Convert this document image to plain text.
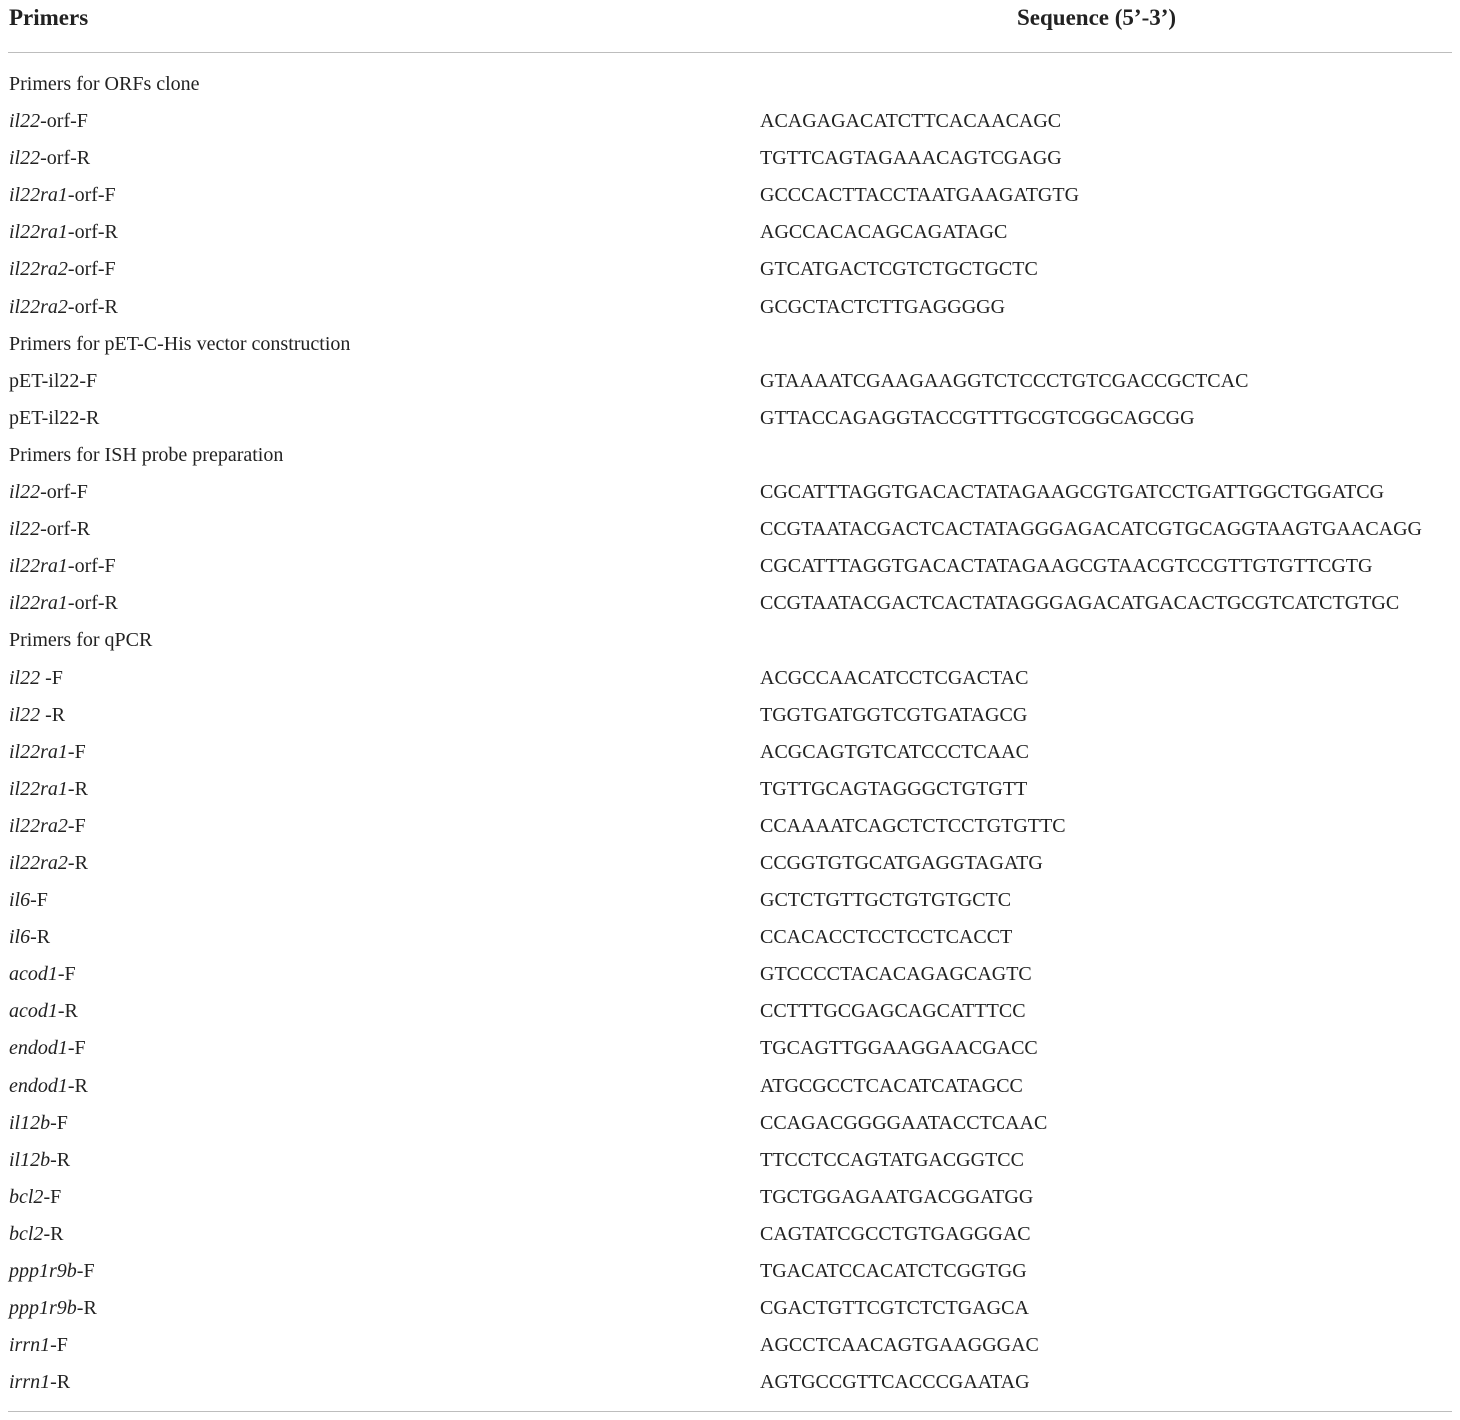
Primers	Sequence (5’-3’)
Primers for ORFs clone
il22-orf-F	ACAGAGACATCTTCACAACAGC
il22-orf-R	TGTTCAGTAGAAACAGTCGAGG
il22ra1-orf-F	GCCCACTTACCTAATGAAGATGTG
il22ra1-orf-R	AGCCACACAGCAGATAGC
il22ra2-orf-F	GTCATGACTCGTCTGCTGCTC
il22ra2-orf-R	GCGCTACTCTTGAGGGGG
Primers for pET-C-His vector construction
pET-il22-F	GTAAAATCGAAGAAGGTCTCCCTGTCGACCGCTCAC
pET-il22-R	GTTACCAGAGGTACCGTTTGCGTCGGCAGCGG
Primers for ISH probe preparation
il22-orf-F	CGCATTTAGGTGACACTATAGAAGCGTGATCCTGATTGGCTGGATCG
il22-orf-R	CCGTAATACGACTCACTATAGGGAGACATCGTGCAGGTAAGTGAACAGG
il22ra1-orf-F	CGCATTTAGGTGACACTATAGAAGCGTAACGTCCGTTGTGTTCGTG
il22ra1-orf-R	CCGTAATACGACTCACTATAGGGAGACATGACACTGCGTCATCTGTGC
Primers for qPCR
il22 -F	ACGCCAACATCCTCGACTAC
il22 -R	TGGTGATGGTCGTGATAGCG
il22ra1-F	ACGCAGTGTCATCCCTCAAC
il22ra1-R	TGTTGCAGTAGGGCTGTGTT
il22ra2-F	CCAAAATCAGCTCTCCTGTGTTC
il22ra2-R	CCGGTGTGCATGAGGTAGATG
il6-F	GCTCTGTTGCTGTGTGCTC
il6-R	CCACACCTCCTCCTCACCT
acod1-F	GTCCCCTACACAGAGCAGTC
acod1-R	CCTTTGCGAGCAGCATTTCC
endod1-F	TGCAGTTGGAAGGAACGACC
endod1-R	ATGCGCCTCACATCATAGCC
il12b-F	CCAGACGGGGAATACCTCAAC
il12b-R	TTCCTCCAGTATGACGGTCC
bcl2-F	TGCTGGAGAATGACGGATGG
bcl2-R	CAGTATCGCCTGTGAGGGAC
ppp1r9b-F	TGACATCCACATCTCGGTGG
ppp1r9b-R	CGACTGTTCGTCTCTGAGCA
irrn1-F	AGCCTCAACAGTGAAGGGAC
irrn1-R	AGTGCCGTTCACCCGAATAG
